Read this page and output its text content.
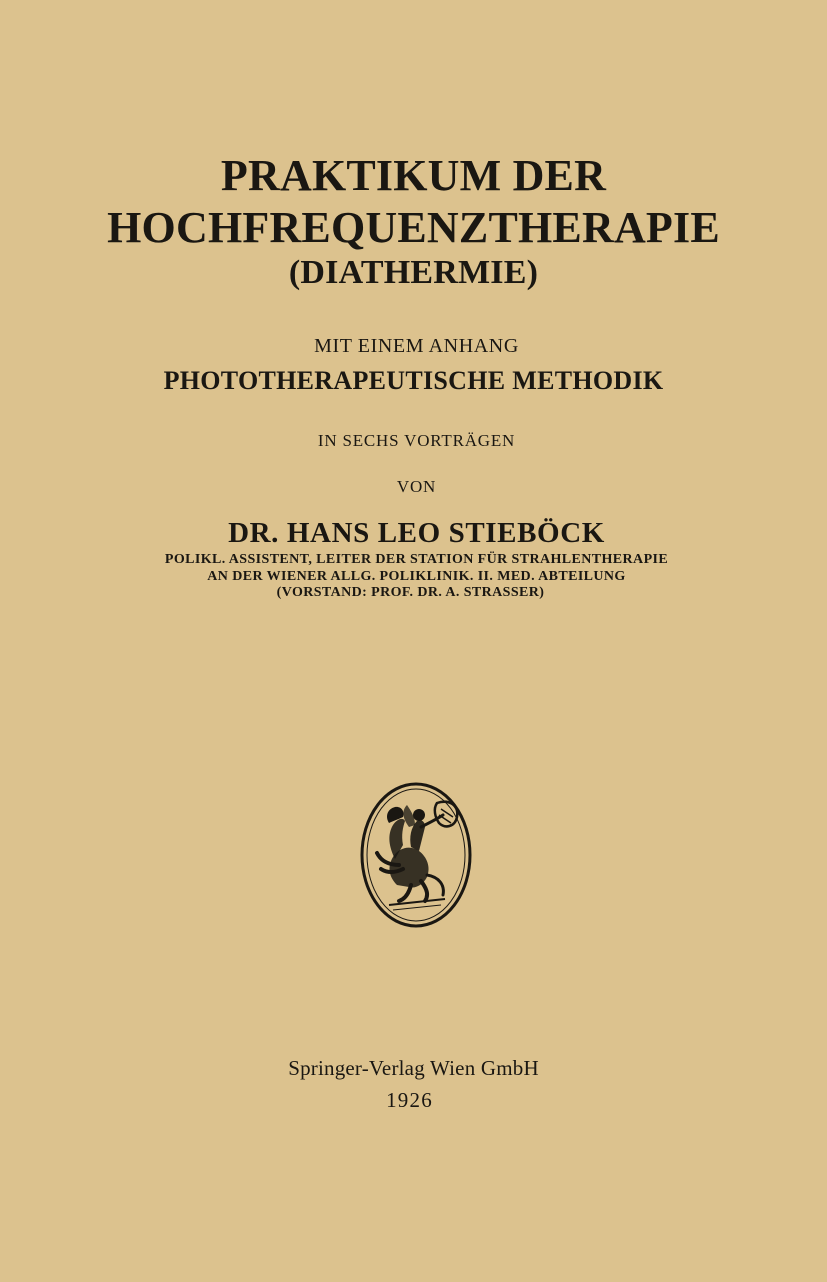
PRAKTIKUM DER
HOCHFREQUENZTHERAPIE
(DIATHERMIE)
MIT EINEM ANHANG
PHOTOTHERAPEUTISCHE METHODIK
IN SECHS VORTRÄGEN
VON
DR. HANS LEO STIEBÖCK
POLIKL. ASSISTENT, LEITER DER STATION FÜR STRAHLENTHERAPIE
AN DER WIENER ALLG. POLIKLINIK. II. MED. ABTEILUNG
(VORSTAND: PROF. DR. A. STRASSER)
Springer-Verlag Wien GmbH
1926
